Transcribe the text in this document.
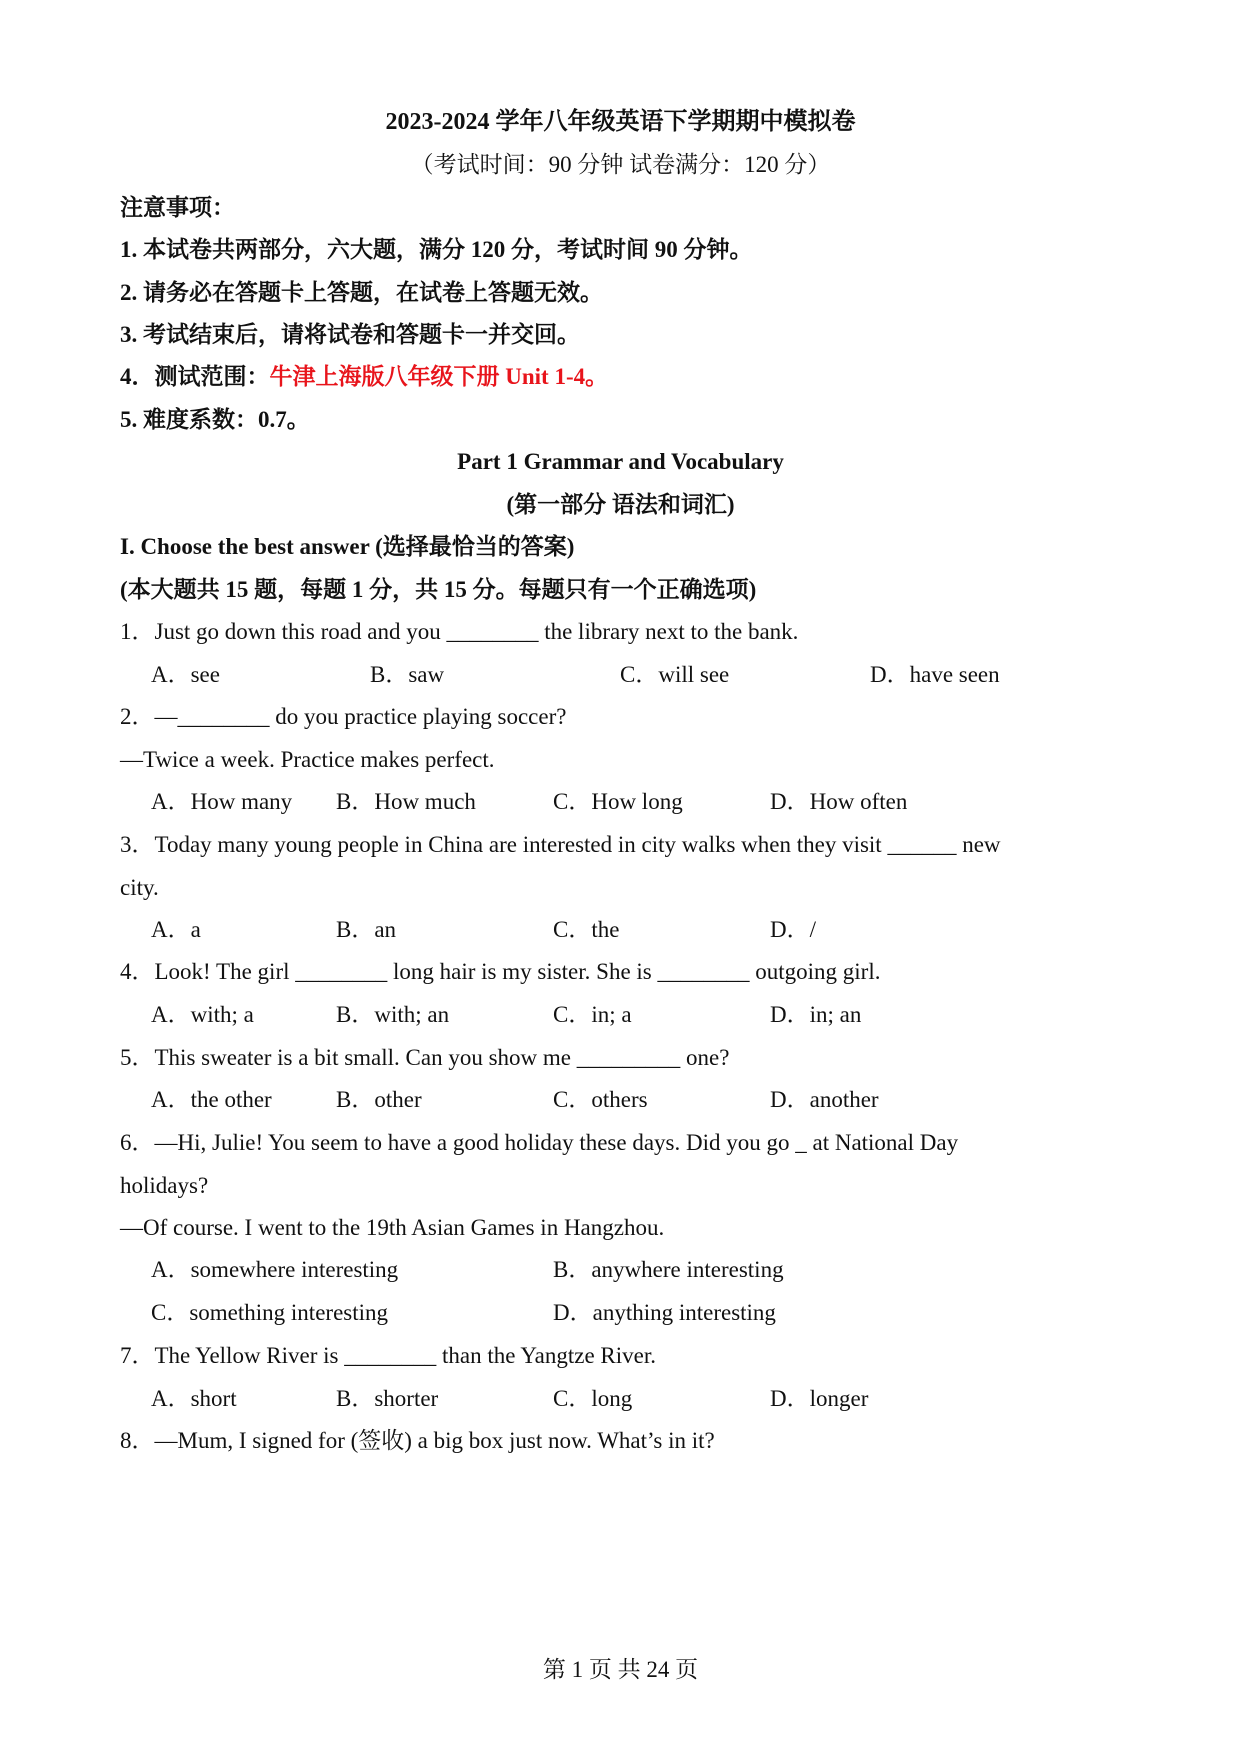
2023-2024 学年八年级英语下学期期中模拟卷
（考试时间：90 分钟 试卷满分：120 分）
注意事项：
1. 本试卷共两部分，六大题，满分 120 分，考试时间 90 分钟。
2. 请务必在答题卡上答题，在试卷上答题无效。
3. 考试结束后，请将试卷和答题卡一并交回。
4．测试范围：牛津上海版八年级下册 Unit 1-4。
5. 难度系数：0.7。
Part 1 Grammar and Vocabulary
(第一部分 语法和词汇)
I. Choose the best answer (选择最恰当的答案)
(本大题共 15 题，每题 1 分，共 15 分。每题只有一个正确选项)
1．Just go down this road and you ________ the library next to the bank.
A．see	B．saw	C．will see	D．have seen
2．—________ do you practice playing soccer?
—Twice a week. Practice makes perfect.
A．How many B．How much	C．How long	D．How often
3．Today many young people in China are interested in city walks when they visit ______ new
city.
A．a	B．an	C．the	D．/
4．Look! The girl ________ long hair is my sister. She is ________ outgoing girl.
A．with; a	B．with; an	C．in; a	D．in; an
5．This sweater is a bit small. Can you show me _________ one?
A．the other	B．other	C．others	D．another
6．—Hi, Julie! You seem to have a good holiday these days. Did you go _ at National Day
holidays?
—Of course. I went to the 19th Asian Games in Hangzhou.
A．somewhere interesting	B．anywhere interesting
C．something interesting	D．anything interesting
7．The Yellow River is ________ than the Yangtze River.
A．short	B．shorter	C．long	D．longer
8．—Mum, I signed for (签收) a big box just now. What’s in it?
第 1 页 共 24 页
